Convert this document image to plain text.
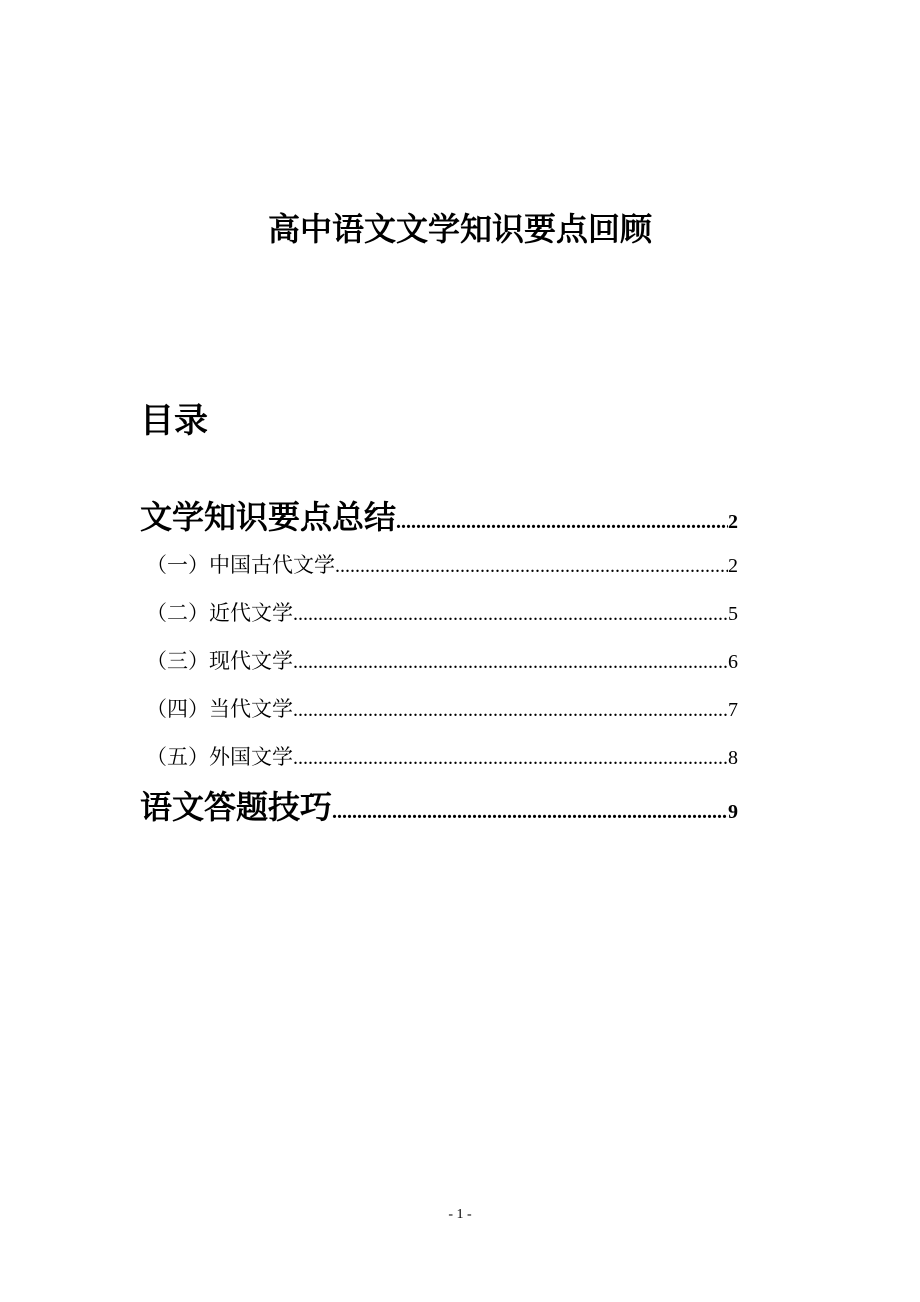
高中语文文学知识要点回顾
目录
文学知识要点总结 .....	2
（一）中国古代文学 .....	2
（二）近代文学 .....	5
（三）现代文学 .....	6
（四）当代文学 .....	7
（五）外国文学 .....	8
语文答题技巧 .....	9
- 1 -
